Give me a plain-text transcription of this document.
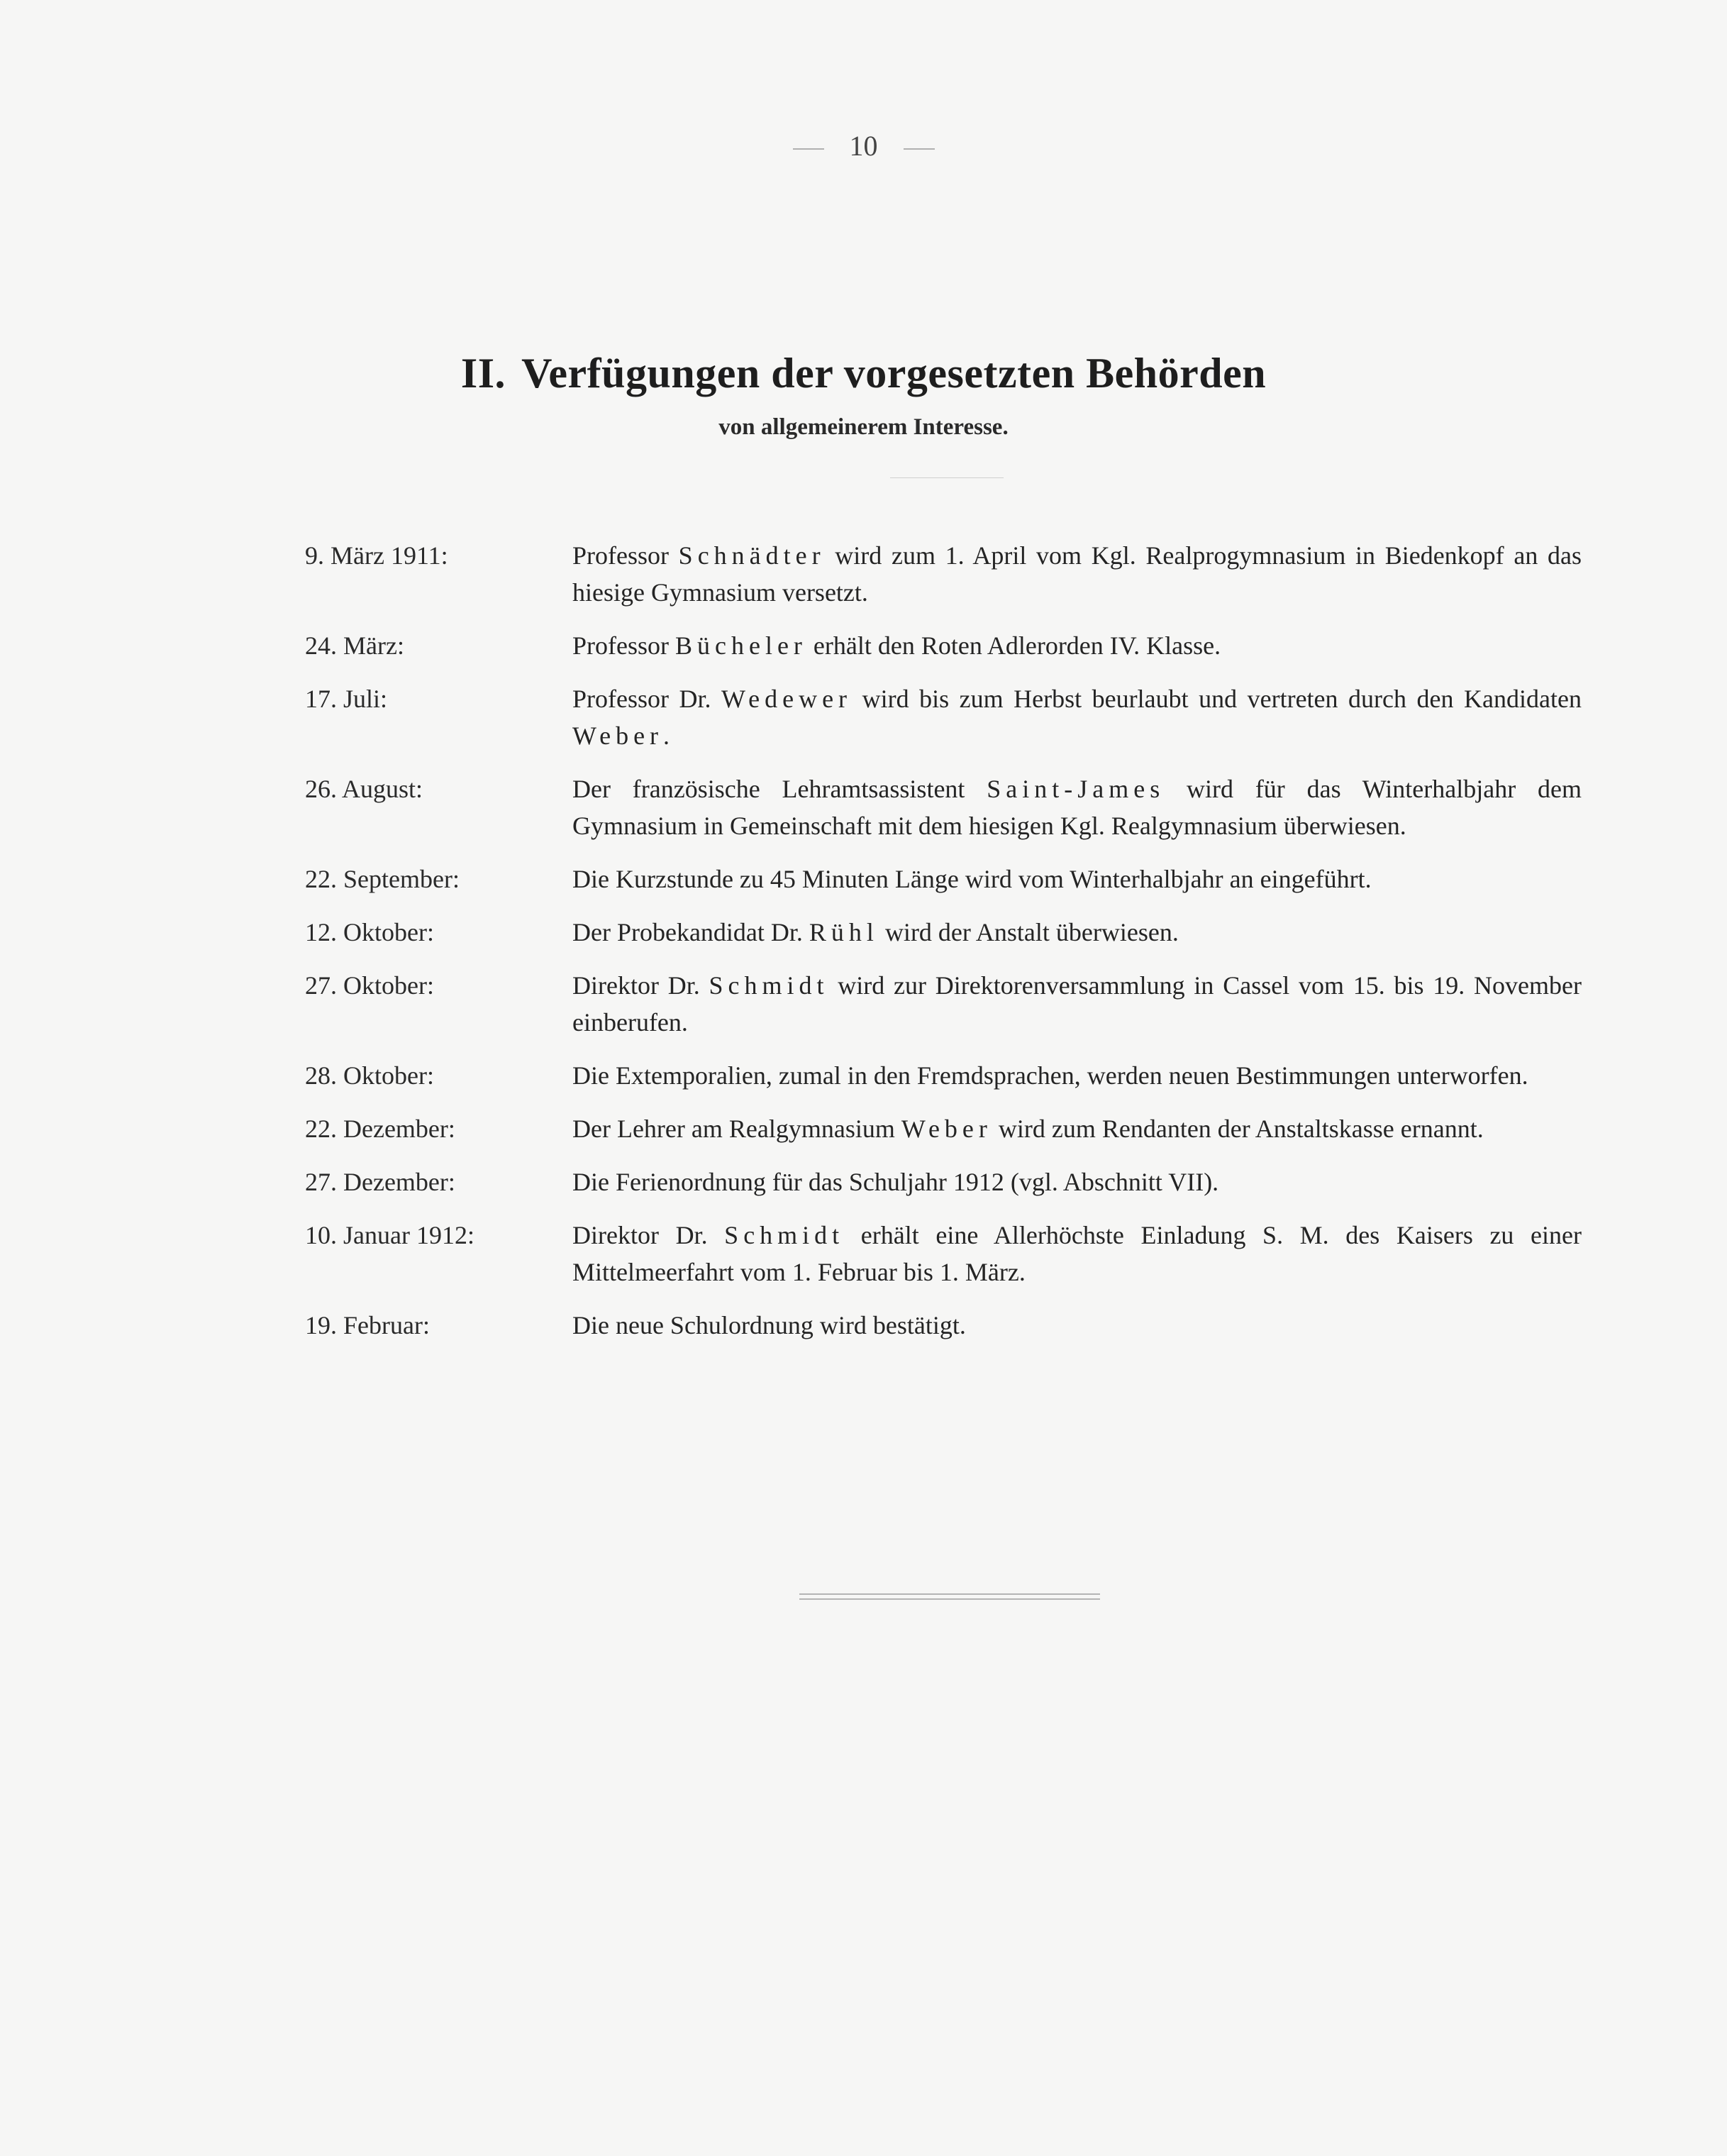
10
II. Verfügungen der vorgesetzten Behörden
von allgemeinerem Interesse.
9. März 1911:	Professor Schnädter wird zum 1. April vom Kgl. Realprogymnasium in Biedenkopf an das hiesige Gymnasium versetzt.
24. März:	Professor Bücheler erhält den Roten Adlerorden IV. Klasse.
17. Juli:	Professor Dr. Wedewer wird bis zum Herbst beurlaubt und vertreten durch den Kandidaten Weber.
26. August:	Der französische Lehramtsassistent Saint-James wird für das Winterhalbjahr dem Gymnasium in Gemeinschaft mit dem hiesigen Kgl. Realgymnasium überwiesen.
22. September:	Die Kurzstunde zu 45 Minuten Länge wird vom Winterhalbjahr an eingeführt.
12. Oktober:	Der Probekandidat Dr. Rühl wird der Anstalt überwiesen.
27. Oktober:	Direktor Dr. Schmidt wird zur Direktorenversammlung in Cassel vom 15. bis 19. November einberufen.
28. Oktober:	Die Extemporalien, zumal in den Fremdsprachen, werden neuen Bestimmungen unterworfen.
22. Dezember:	Der Lehrer am Realgymnasium Weber wird zum Rendanten der Anstaltskasse ernannt.
27. Dezember:	Die Ferienordnung für das Schuljahr 1912 (vgl. Abschnitt VII).
10. Januar 1912:	Direktor Dr. Schmidt erhält eine Allerhöchste Einladung S. M. des Kaisers zu einer Mittelmeerfahrt vom 1. Februar bis 1. März.
19. Februar:	Die neue Schulordnung wird bestätigt.
